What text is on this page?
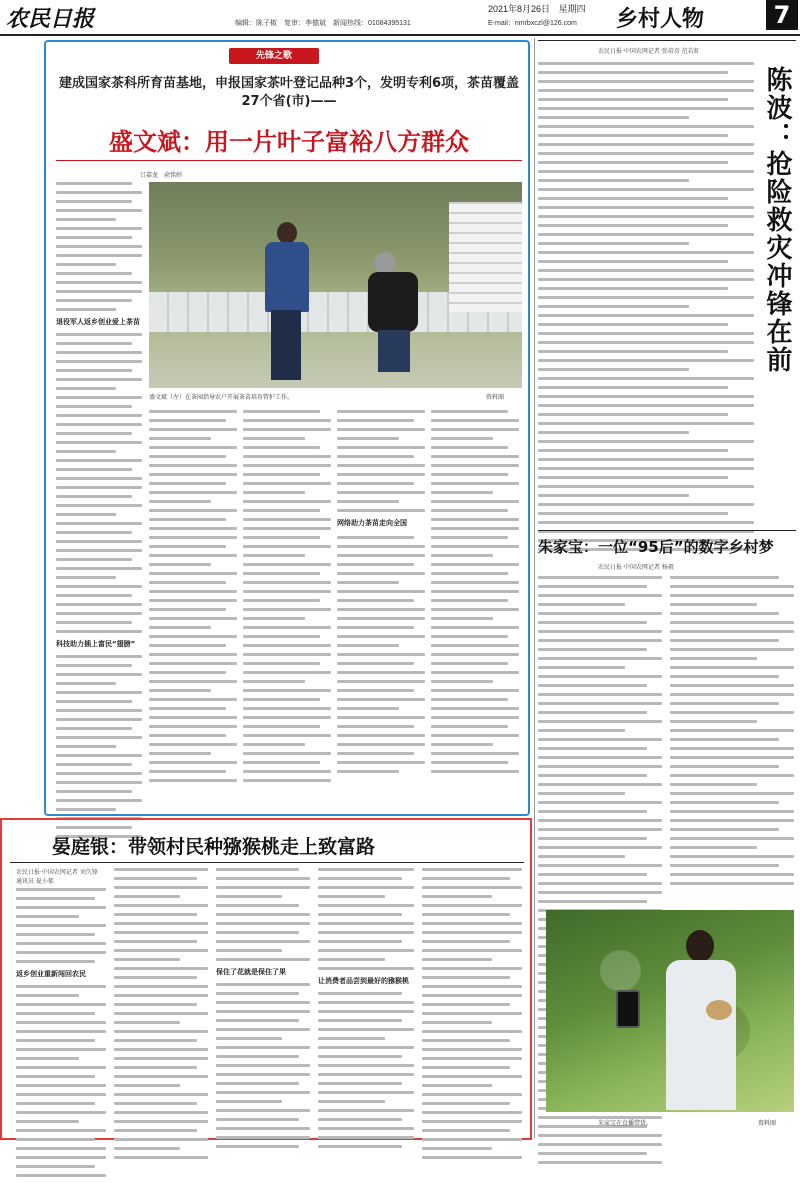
农民日报	2021年8月26日 星期四
编辑：陈子椒　复审：李德斌　新闻热线：01084395131	E-mail：nmrbxczl@126.com 乡村人物	7
先锋之歌
建成国家茶科所育苗基地，申报国家茶叶登记品种3个，发明专利6项，茶苗覆盖27个省(市)——
盛文斌：用一片叶子富裕八方群众
吕嘉龙　俞铭婷
盛文斌（左）在茶园指导农户开展茶苗培育管护工作。	资料图
退役军人返乡创业爱上茶苗
科技助力插上富民“翅膀”
网络助力茶苗走向全国
农民日报·中国农网记者 张培奇 范若虹
陈波：抢险救灾冲锋在前
朱家宝：一位“95后”的数字乡村梦
农民日报·中国农网记者 杨毅
朱家宝在直播带货。	资料图
晏庭银：带领村民种猕猴桃走上致富路
农民日报·中国农网记者 刘久锋　通讯员 夏小郁
返乡创业重新闯回农民	保住了花就是保住了果
让消费者品尝到最好的猕猴桃
